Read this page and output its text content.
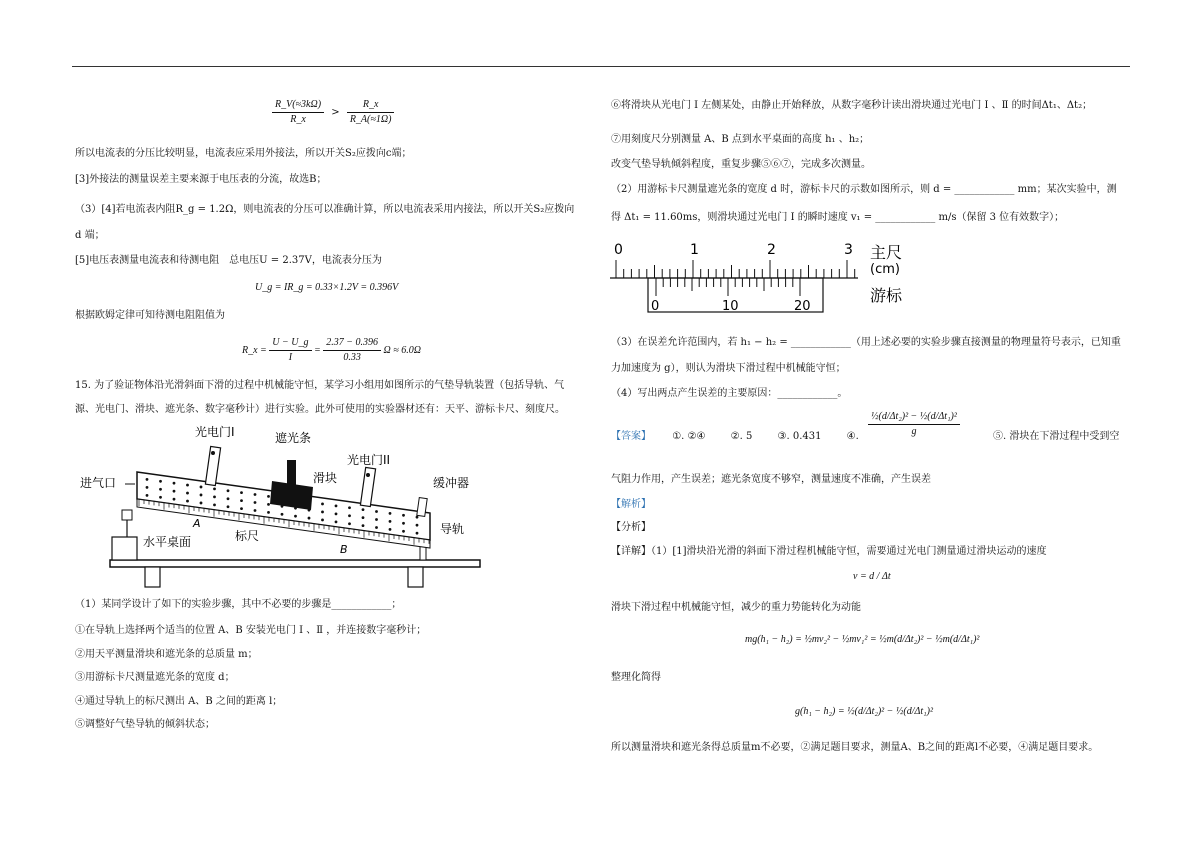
$\frac{R\_V(\approx 3k\Omega)}{R\_x} > \frac{R\_x}{R\_A(\approx 1\Omega)}$
所以电流表的分压比较明显，电流表应采用外接法，所以开关S₂应拨向c端；
[3]外接法的测量误差主要来源于电压表的分流，故选B；
（3）[4]若电流表内阻R_g = 1.2Ω，则电流表的分压可以准确计算，所以电流表采用内接法，所以开关S₂应拨向
d 端；
[5]电压表测量电流表和待测电阻　总电压U = 2.37V，电流表分压为
U_g = IR_g = 0.33×1.2V = 0.396V
根据欧姆定律可知待测电阻阻值为
R_x = $\frac{U - U\_g}{I} = \frac{2.37 - 0.396}{0.33}$ Ω ≈ 6.0Ω
15. 为了验证物体沿光滑斜面下滑的过程中机械能守恒，某学习小组用如图所示的气垫导轨装置（包括导轨、气
源、光电门、滑块、遮光条、数字毫秒计）进行实验。此外可使用的实验器材还有：天平、游标卡尺、刻度尺。
光电门I	遮光条
光电门II
进气口	滑块	缓冲器
A
B
标尺
水平桌面
导轨
（1）某同学设计了如下的实验步骤，其中不必要的步骤是____________；
①在导轨上选择两个适当的位置 A、B 安装光电门 Ⅰ 、Ⅱ ，并连接数字毫秒计；
②用天平测量滑块和遮光条的总质量 m；
③用游标卡尺测量遮光条的宽度 d；
④通过导轨上的标尺测出 A、B 之间的距离 l；
⑤调整好气垫导轨的倾斜状态；
⑥将滑块从光电门 Ⅰ 左侧某处，由静止开始释放，从数字毫秒计读出滑块通过光电门 Ⅰ 、Ⅱ 的时间Δt₁、Δt₂；
⑦用刻度尺分别测量 A、B 点到水平桌面的高度 h₁ 、h₂；
改变气垫导轨倾斜程度，重复步骤⑤⑥⑦，完成多次测量。
（2）用游标卡尺测量遮光条的宽度 d 时，游标卡尺的示数如图所示，则 d = ____________ mm；某次实验中，测
得 Δt₁ = 11.60ms，则滑块通过光电门 Ⅰ 的瞬时速度 v₁ = ____________ m/s（保留 3 位有效数字）；
0	1	2	3 主尺
(cm)
0	10	20
游标
（3）在误差允许范围内，若 h₁ − h₂ = ____________（用上述必要的实验步骤直接测量的物理量符号表示，已知重
力加速度为 g），则认为滑块下滑过程中机械能守恒；
（4）写出两点产生误差的主要原因：____________。
【答案】 ①. ②④	②. 5	③. 0.431	④.
½(d/Δt₂)² − ½(d/Δt₁)²
g	⑤. 滑块在下滑过程中受到空
气阻力作用，产生误差；遮光条宽度不够窄，测量速度不准确，产生误差
【解析】
【分析】
【详解】（1）[1]滑块沿光滑的斜面下滑过程机械能守恒，需要通过光电门测量通过滑块运动的速度
v = d / Δt
滑块下滑过程中机械能守恒，减少的重力势能转化为动能
mg(h₁ − h₂) = ½mv₂² − ½mv₁² = ½m(d/Δt₂)² − ½m(d/Δt₁)²
整理化简得
g(h₁ − h₂) = ½(d/Δt₂)² − ½(d/Δt₁)²
所以测量滑块和遮光条得总质量m不必要，②满足题目要求，测量A、B之间的距离l不必要，④满足题目要求。
